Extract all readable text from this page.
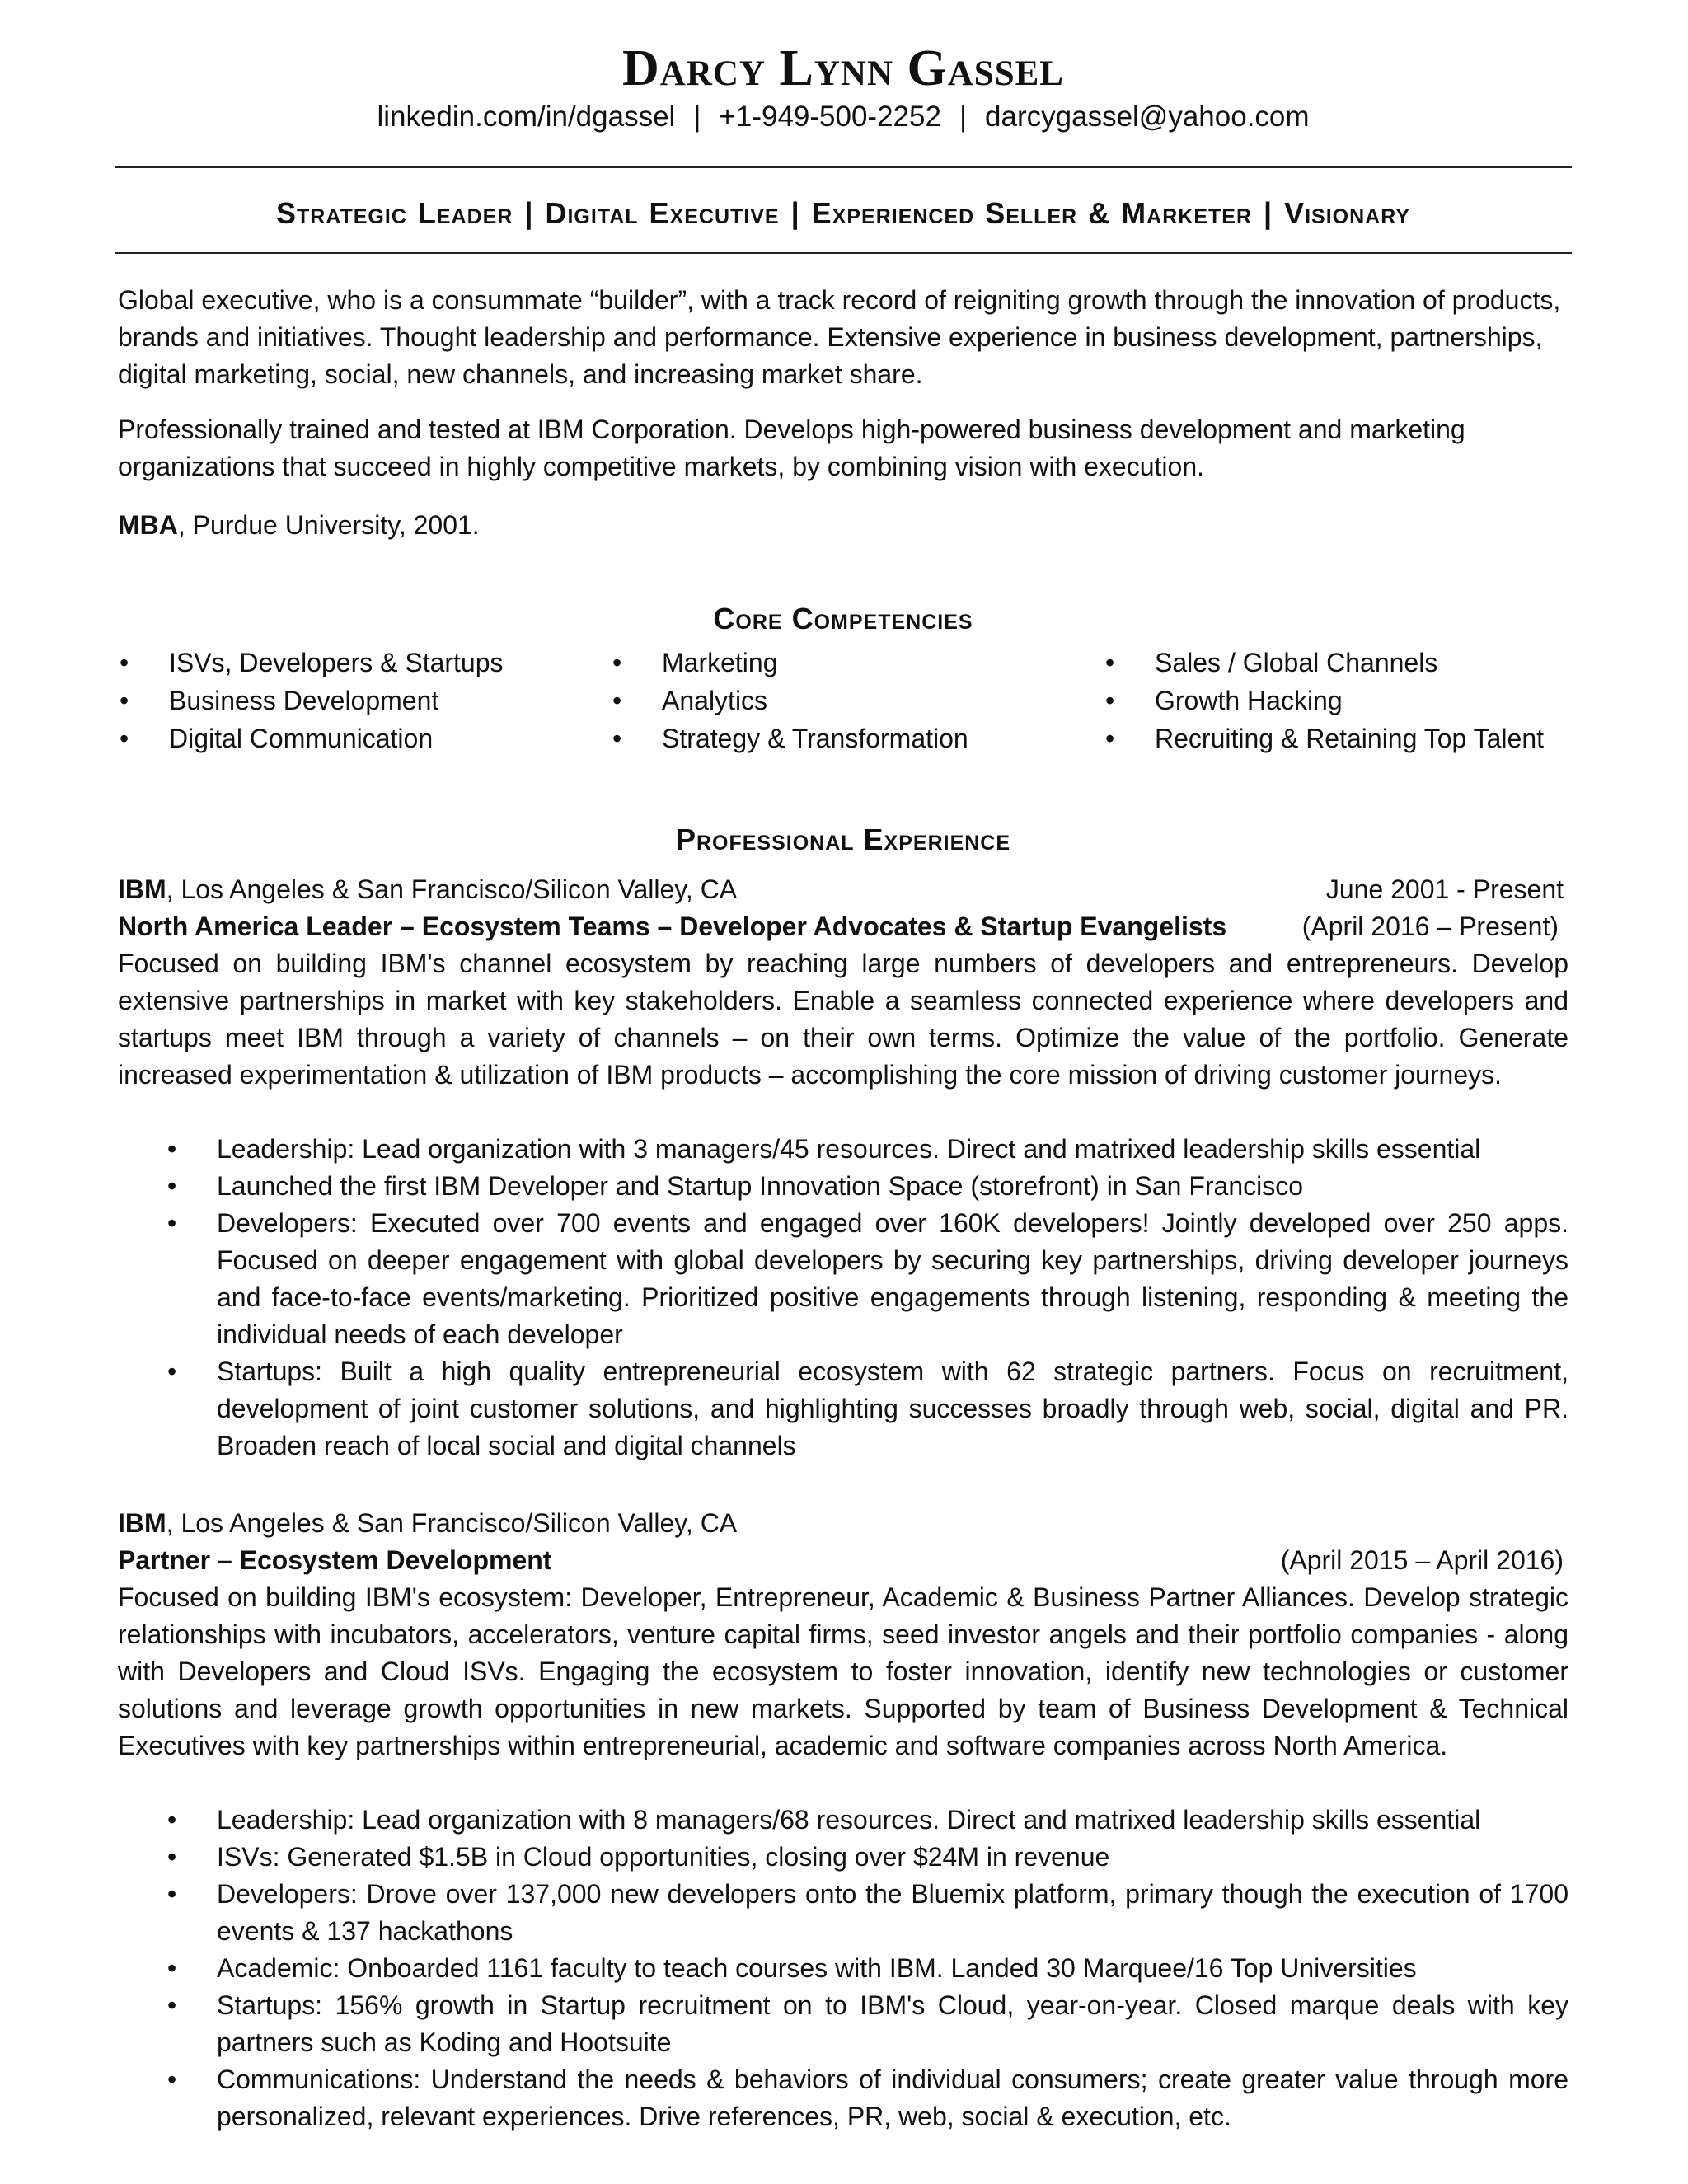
Darcy Lynn Gassel
linkedin.com/in/dgassel | +1-949-500-2252 | darcygassel@yahoo.com
Strategic Leader | Digital Executive | Experienced Seller & Marketer | Visionary
Global executive, who is a consummate “builder”, with a track record of reigniting growth through the innovation of products, brands and initiatives. Thought leadership and performance. Extensive experience in business development, partnerships, digital marketing, social, new channels, and increasing market share.
Professionally trained and tested at IBM Corporation. Develops high-powered business development and marketing organizations that succeed in highly competitive markets, by combining vision with execution.
MBA, Purdue University, 2001.
Core Competencies
• ISVs, Developers & Startups
• Business Development
• Digital Communication
• Marketing
• Analytics
• Strategy & Transformation
• Sales / Global Channels
• Growth Hacking
• Recruiting & Retaining Top Talent
Professional Experience
IBM, Los Angeles & San Francisco/Silicon Valley, CA	June 2001 - Present
North America Leader – Ecosystem Teams – Developer Advocates & Startup Evangelists	(April 2016 – Present)
Focused on building IBM's channel ecosystem by reaching large numbers of developers and entrepreneurs. Develop extensive partnerships in market with key stakeholders. Enable a seamless connected experience where developers and startups meet IBM through a variety of channels – on their own terms. Optimize the value of the portfolio. Generate increased experimentation & utilization of IBM products – accomplishing the core mission of driving customer journeys.
• Leadership: Lead organization with 3 managers/45 resources. Direct and matrixed leadership skills essential
• Launched the first IBM Developer and Startup Innovation Space (storefront) in San Francisco
• Developers: Executed over 700 events and engaged over 160K developers! Jointly developed over 250 apps. Focused on deeper engagement with global developers by securing key partnerships, driving developer journeys and face-to-face events/marketing. Prioritized positive engagements through listening, responding & meeting the individual needs of each developer
• Startups: Built a high quality entrepreneurial ecosystem with 62 strategic partners. Focus on recruitment, development of joint customer solutions, and highlighting successes broadly through web, social, digital and PR. Broaden reach of local social and digital channels
IBM, Los Angeles & San Francisco/Silicon Valley, CA
Partner – Ecosystem Development	(April 2015 – April 2016)
Focused on building IBM's ecosystem: Developer, Entrepreneur, Academic & Business Partner Alliances. Develop strategic relationships with incubators, accelerators, venture capital firms, seed investor angels and their portfolio companies - along with Developers and Cloud ISVs. Engaging the ecosystem to foster innovation, identify new technologies or customer solutions and leverage growth opportunities in new markets. Supported by team of Business Development & Technical Executives with key partnerships within entrepreneurial, academic and software companies across North America.
• Leadership: Lead organization with 8 managers/68 resources. Direct and matrixed leadership skills essential
• ISVs: Generated $1.5B in Cloud opportunities, closing over $24M in revenue
• Developers: Drove over 137,000 new developers onto the Bluemix platform, primary though the execution of 1700 events & 137 hackathons
• Academic: Onboarded 1161 faculty to teach courses with IBM. Landed 30 Marquee/16 Top Universities
• Startups: 156% growth in Startup recruitment on to IBM's Cloud, year-on-year. Closed marque deals with key partners such as Koding and Hootsuite
• Communications: Understand the needs & behaviors of individual consumers; create greater value through more personalized, relevant experiences. Drive references, PR, web, social & execution, etc.
